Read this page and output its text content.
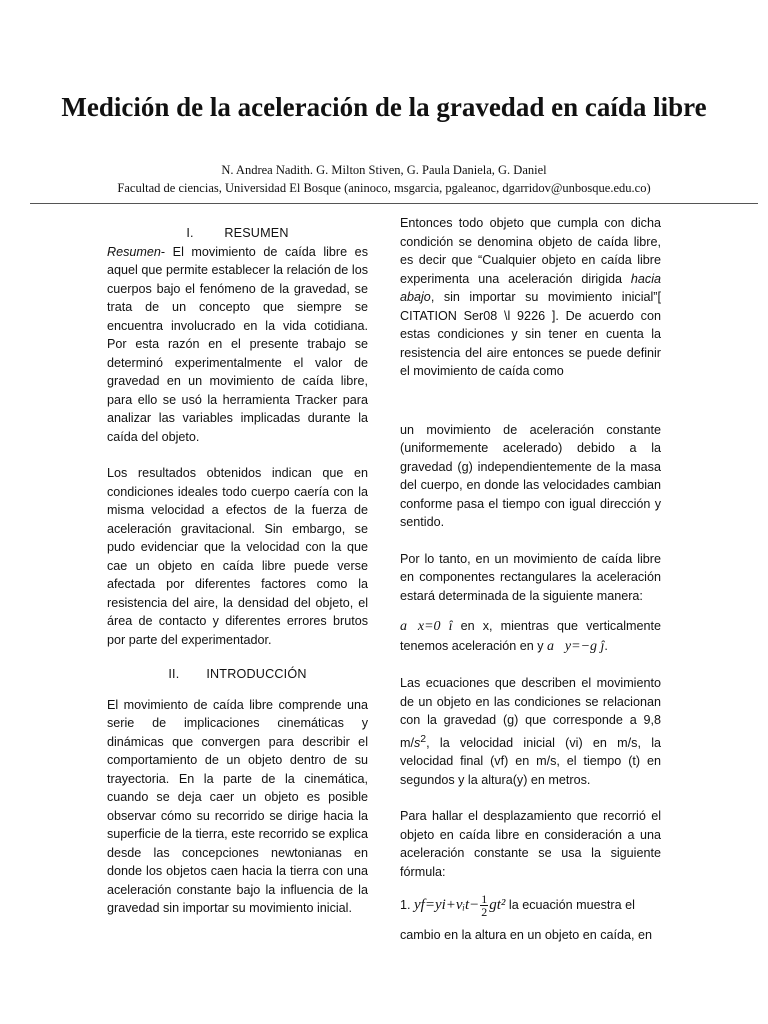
Medición de la aceleración de la gravedad en caída libre
N. Andrea Nadith. G. Milton Stiven, G. Paula Daniela, G. Daniel
Facultad de ciencias, Universidad El Bosque (aninoco, msgarcia, pgaleanoc, dgarridov@unbosque.edu.co)

I. RESUMEN

Resumen- El movimiento de caída libre es aquel que permite establecer la relación de los cuerpos bajo el fenómeno de la gravedad, se trata de un concepto que siempre se encuentra involucrado en la vida cotidiana. Por esta razón en el presente trabajo se determinó experimentalmente el valor de gravedad en un movimiento de caída libre, para ello se usó la herramienta Tracker para analizar las variables implicadas durante la caída del objeto.

Los resultados obtenidos indican que en condiciones ideales todo cuerpo caería con la misma velocidad a efectos de la fuerza de aceleración gravitacional. Sin embargo, se pudo evidenciar que la velocidad con la que cae un objeto en caída libre puede verse afectada por diferentes factores como la resistencia del aire, la densidad del objeto, el área de contacto y diferentes errores brutos por parte del experimentador.

II. INTRODUCCIÓN

El movimiento de caída libre comprende una serie de implicaciones cinemáticas y dinámicas que convergen para describir el comportamiento de un objeto dentro de su trayectoria. En la parte de la cinemática, cuando se deja caer un objeto es posible observar cómo su recorrido se dirige hacia la superficie de la tierra, este recorrido se explica desde las concepciones newtonianas en donde los objetos caen hacia la tierra con una aceleración constante bajo la influencia de la gravedad sin importar su movimiento inicial.

Entonces todo objeto que cumpla con dicha condición se denomina objeto de caída libre, es decir que “Cualquier objeto en caída libre experimenta una aceleración dirigida hacia abajo, sin importar su movimiento inicial”[ CITATION Ser08 \l 9226 ]. De acuerdo con estas condiciones y sin tener en cuenta la resistencia del aire entonces se puede definir el movimiento de caída como

un movimiento de aceleración constante (uniformemente acelerado) debido a la gravedad (g) independientemente de la masa del cuerpo, en donde las velocidades cambian conforme pasa el tiempo con igual dirección y sentido.

Por lo tanto, en un movimiento de caída libre en componentes rectangulares la aceleración estará determinada de la siguiente manera:

a⃗x=0 î en x, mientras que verticalmente tenemos aceleración en y a⃗y=−g ĵ.

Las ecuaciones que describen el movimiento de un objeto en las condiciones se relacionan con la gravedad (g) que corresponde a 9,8 $m/s^2$, la velocidad inicial (vi) en m/s, la velocidad final (vf) en m/s, el tiempo (t) en segundos y la altura(y) en metros.

Para hallar el desplazamiento que recorrió el objeto en caída libre en consideración a una aceleración constante se usa la siguiente fórmula:

1. yf=yi+vᵢt− $\frac{1}{2} gt^2$ la ecuación muestra el

cambio en la altura en un objeto en caída, en
